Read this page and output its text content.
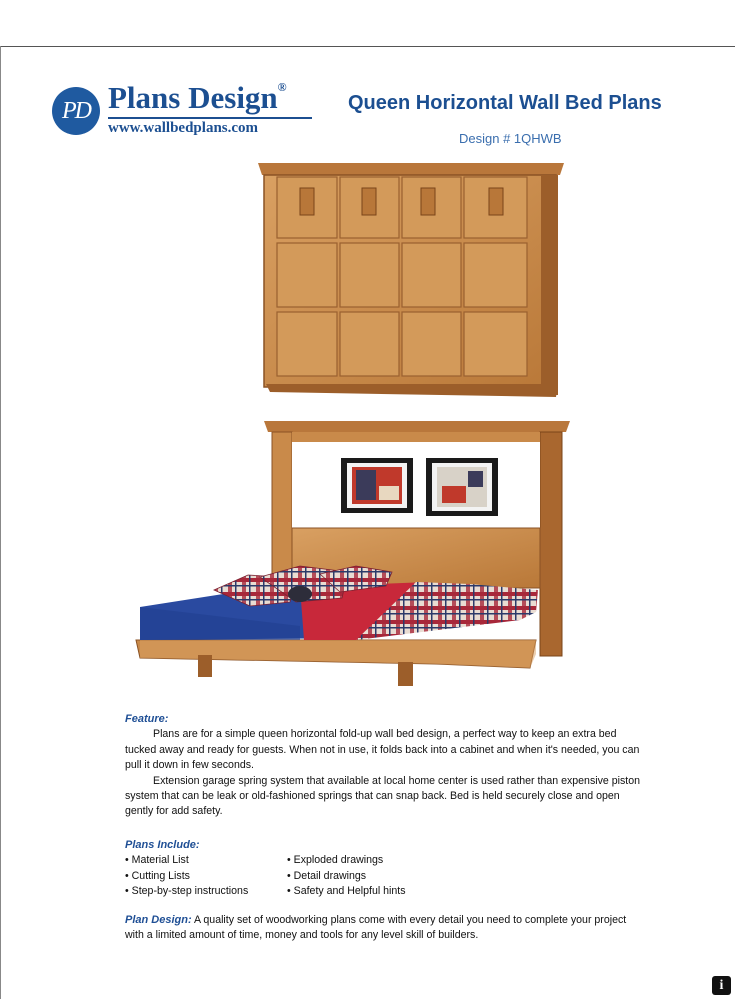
PD Plans Design®
www.wallbedplans.com
Queen Horizontal Wall Bed Plans
Design # 1QHWB
Feature:

Plans are for a simple queen horizontal fold-up wall bed design, a perfect way to keep an extra bed tucked away and ready for guests. When not in use, it folds back into a cabinet and when it's needed, you can pull it down in few seconds.

Extension garage spring system that available at local home center is used rather than expensive piston system that can be leak or old-fashioned springs that can snap back. Bed is held securely close and open gently for add safety.

Plans Include:
• Material List
• Cutting Lists
• Step-by-step instructions
• Exploded drawings
• Detail drawings
• Safety and Helpful hints
Plan Design: A quality set of woodworking plans come with every detail you need to complete your project with a limited amount of time, money and tools for any level skill of builders.
i
